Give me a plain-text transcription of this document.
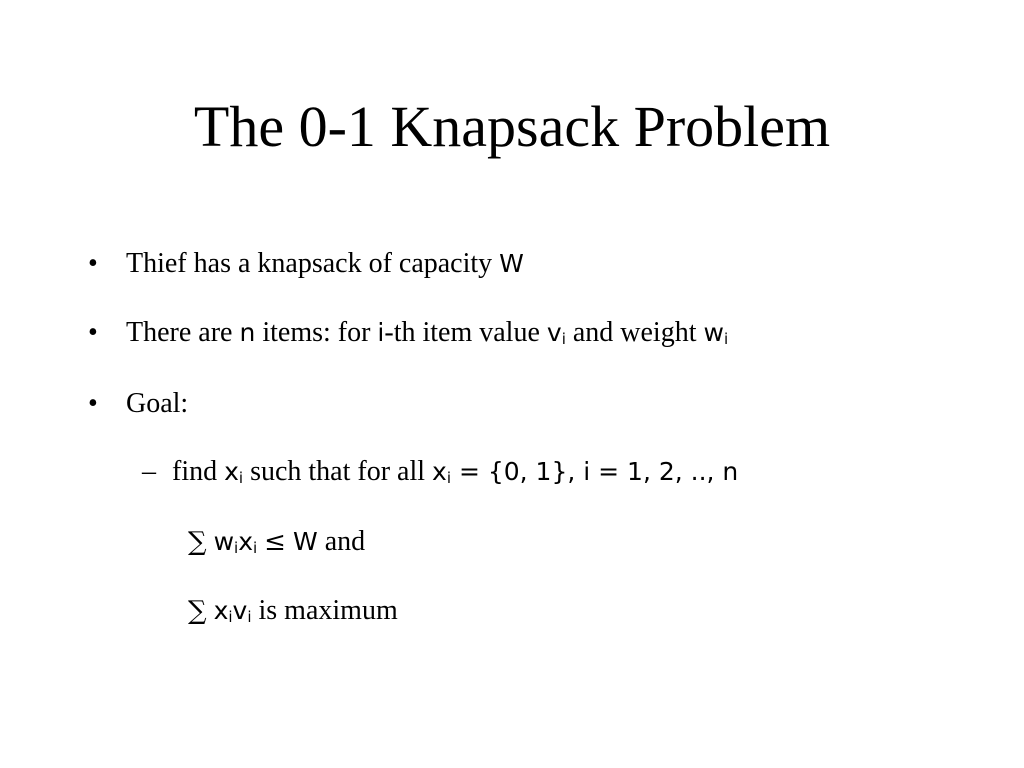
The 0-1 Knapsack Problem
• Thief has a knapsack of capacity W
• There are n items: for i-th item value $v_i$ and weight $w_i$
• Goal:
– find $x_i$ such that for all $x_i = \{0$, 1}, i = 1, 2, .., n
∑ $w_ix_i \le W$ and
∑ $x_iv_i$ is maximum
